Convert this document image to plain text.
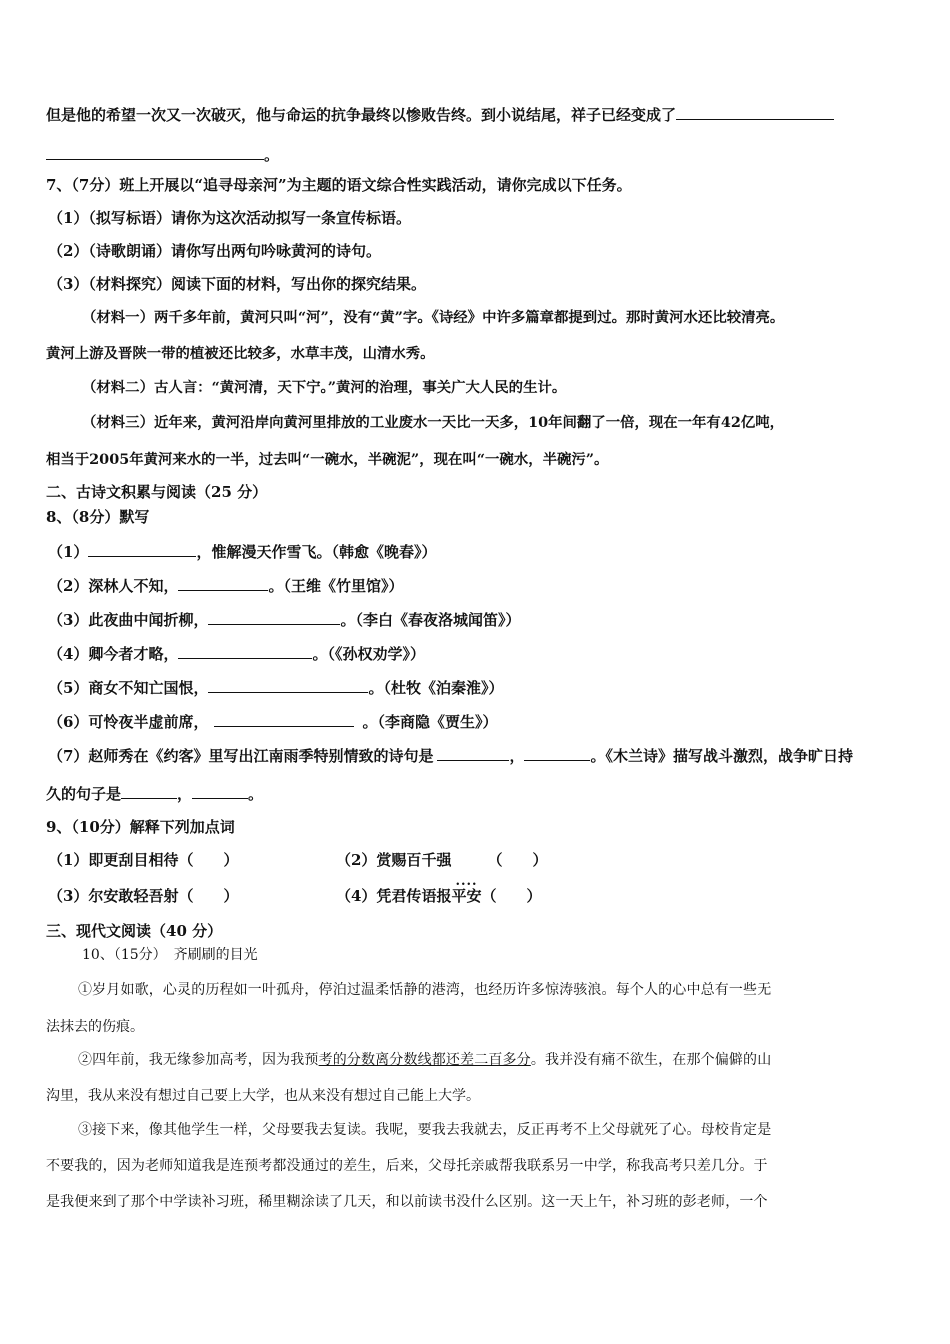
但是他的希望一次又一次破灭，他与命运的抗争最终以惨败告终。到小说结尾，祥子已经变成了
。
7、（7分）班上开展以“追寻母亲河”为主题的语文综合性实践活动，请你完成以下任务。
（1）（拟写标语）请你为这次活动拟写一条宣传标语。
（2）（诗歌朗诵）请你写出两句吟咏黄河的诗句。
（3）（材料探究）阅读下面的材料，写出你的探究结果。
（材料一）两千多年前，黄河只叫“河”，没有“黄”字。《诗经》中许多篇章都提到过。那时黄河水还比较清亮。
黄河上游及晋陕一带的植被还比较多，水草丰茂，山清水秀。
（材料二）古人言：“黄河清，天下宁。”黄河的治理，事关广大人民的生计。
（材料三）近年来，黄河沿岸向黄河里排放的工业废水一天比一天多，10年间翻了一倍，现在一年有42亿吨，
相当于2005年黄河来水的一半，过去叫“一碗水，半碗泥”，现在叫“一碗水，半碗污”。
二、古诗文积累与阅读（25 分）
8、（8分）默写
（1）	，惟解漫天作雪飞。（韩愈《晚春》）
（2）深林人不知，	。（王维《竹里馆》）
（3）此夜曲中闻折柳，	。（李白《春夜洛城闻笛》）
（4）卿今者才略，	。（《孙权劝学》）
（5）商女不知亡国恨，	。（杜牧《泊秦淮》）
（6）可怜夜半虚前席，	。（李商隐《贾生》）
（7）赵师秀在《约客》里写出江南雨季特别情致的诗句是	，	。《木兰诗》描写战斗激烈，战争旷日持
久的句子是	，	。
9、（10分）解释下列加点词
（1）即更刮目相待（　　）	（2）赏赐百千强 （　　）
（3）尔安敢轻吾射（　　）	（4）凭君传语报平安（　　）
三、现代文阅读（40 分）
10、（15分）　齐刷刷的目光
①岁月如歌，心灵的历程如一叶孤舟，停泊过温柔恬静的港湾，也经历许多惊涛骇浪。每个人的心中总有一些无
法抹去的伤痕。
②四年前，我无缘参加高考，因为我预考的分数离分数线都还差二百多分。我并没有痛不欲生，在那个偏僻的山
沟里，我从来没有想过自己要上大学，也从来没有想过自己能上大学。
③接下来，像其他学生一样，父母要我去复读。我呢，要我去我就去，反正再考不上父母就死了心。母校肯定是
不要我的，因为老师知道我是连预考都没通过的差生，后来，父母托亲戚帮我联系另一中学，称我高考只差几分。于
是我便来到了那个中学读补习班，稀里糊涂读了几天，和以前读书没什么区别。这一天上午，补习班的彭老师，一个
